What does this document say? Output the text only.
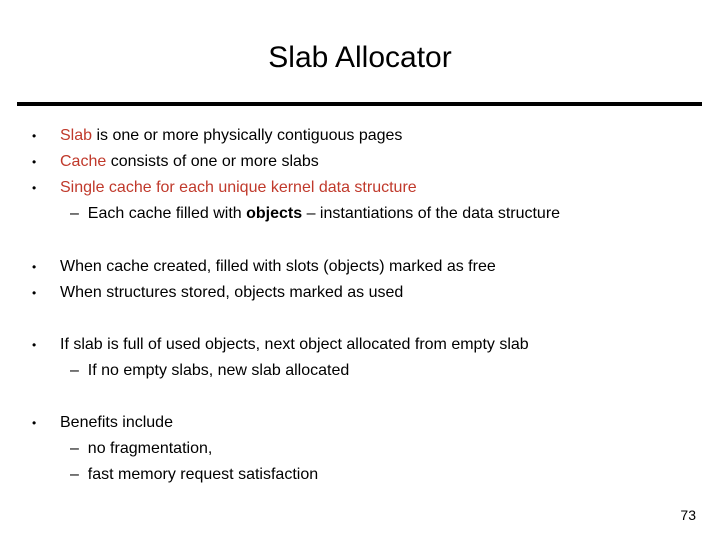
Slab Allocator
• Slab is one or more physically contiguous pages
• Cache consists of one or more slabs
• Single cache for each unique kernel data structure
– Each cache filled with objects – instantiations of the data structure
• When cache created, filled with slots (objects) marked as free
• When structures stored, objects marked as used
• If slab is full of used objects, next object allocated from empty slab
– If no empty slabs, new slab allocated
• Benefits include
– no fragmentation,
– fast memory request satisfaction
73
